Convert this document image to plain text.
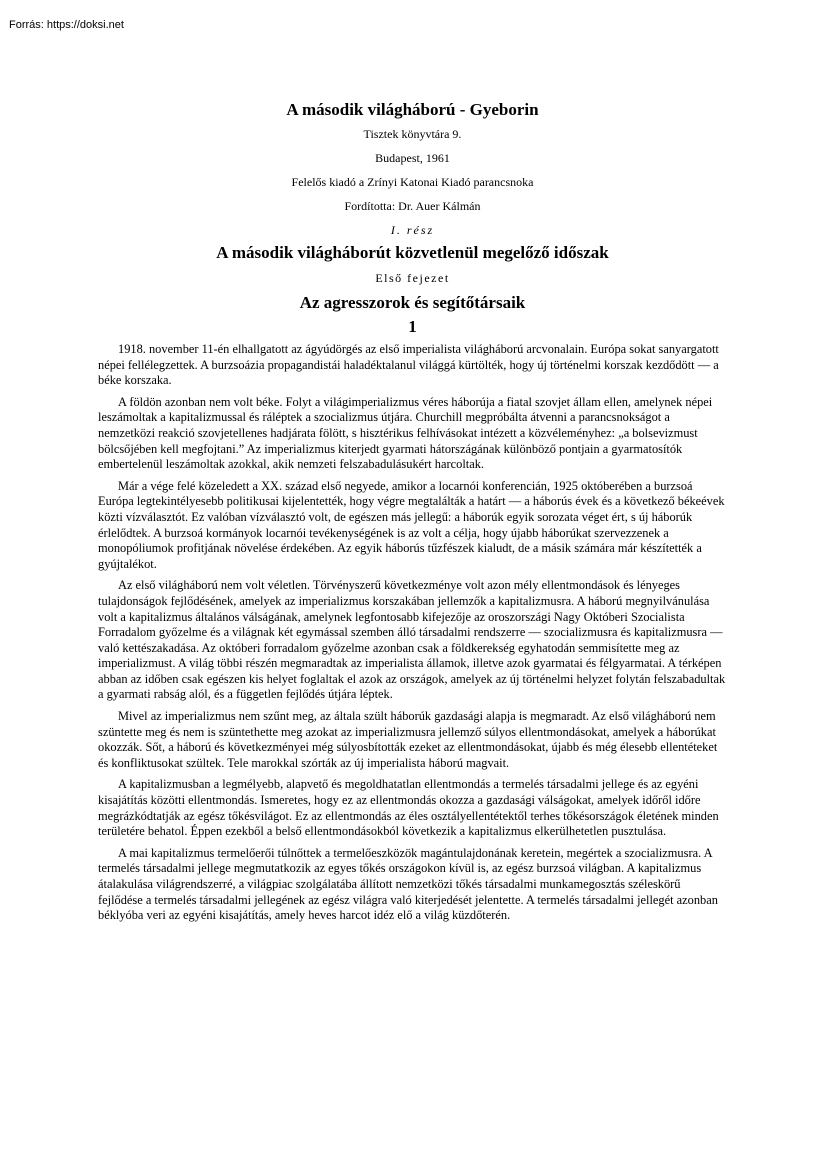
Forrás: https://doksi.net
A második világháború - Gyeborin
Tisztek könyvtára 9.
Budapest, 1961
Felelős kiadó a Zrínyi Katonai Kiadó parancsnoka
Fordította: Dr. Auer Kálmán
I. rész
A második világháborút közvetlenül megelőző időszak
Első fejezet
Az agresszorok és segítőtársaik
1

1918. november 11-én elhallgatott az ágyúdörgés az első imperialista világháború arcvonalain. Európa sokat sanyargatott népei fellélegzettek. A burzsoázia propagandistái haladéktalanul világgá kürtölték, hogy új történelmi korszak kezdődött — a béke korszaka.

A földön azonban nem volt béke. Folyt a világimperializmus véres háborúja a fiatal szovjet állam ellen, amelynek népei leszámoltak a kapitalizmussal és ráléptek a szocializmus útjára. Churchill megpróbálta átvenni a parancsnokságot a nemzetközi reakció szovjetellenes hadjárata fölött, s hisztérikus felhívásokat intézett a közvéleményhez: „a bolsevizmust bölcsőjében kell megfojtani.” Az imperializmus kiterjedt gyarmati hátországának különböző pontjain a gyarmatosítók embertelenül leszámoltak azokkal, akik nemzeti felszabadulásukért harcoltak.

Már a vége felé közeledett a XX. század első negyede, amikor a locarnói konferencián, 1925 októberében a burzsoá Európa legtekintélyesebb politikusai kijelentették, hogy végre megtalálták a határt — a háborús évek és a következő békeévek közti vízválasztót. Ez valóban vízválasztó volt, de egészen más jellegű: a háborúk egyik sorozata véget ért, s új háborúk érlelődtek. A burzsoá kormányok locarnói tevékenységének is az volt a célja, hogy újabb háborúkat szervezzenek a monopóliumok profitjának növelése érdekében. Az egyik háborús tűzfészek kialudt, de a másik számára már készítették a gyújtalékot.

Az első világháború nem volt véletlen. Törvényszerű következménye volt azon mély ellentmondások és lényeges tulajdonságok fejlődésének, amelyek az imperializmus korszakában jellemzők a kapitalizmusra. A háború megnyilvánulása volt a kapitalizmus általános válságának, amelynek legfontosabb kifejezője az oroszországi Nagy Októberi Szocialista Forradalom győzelme és a világnak két egymással szemben álló társadalmi rendszerre — szocializmusra és kapitalizmusra — való kettészakadása. Az októberi forradalom győzelme azonban csak a földkerekség egyhatodán semmisítette meg az imperializmust. A világ többi részén megmaradtak az imperialista államok, illetve azok gyarmatai és félgyarmatai. A térképen abban az időben csak egészen kis helyet foglaltak el azok az országok, amelyek az új történelmi helyzet folytán felszabadultak a gyarmati rabság alól, és a független fejlődés útjára léptek.

Mivel az imperializmus nem szűnt meg, az általa szült háborúk gazdasági alapja is megmaradt. Az első világháború nem szüntette meg és nem is szüntethette meg azokat az imperializmusra jellemző súlyos ellentmondásokat, amelyek a háborúkat okozzák. Sőt, a háború és következményei még súlyosbították ezeket az ellentmondásokat, újabb és még élesebb ellentéteket és konfliktusokat szültek. Tele marokkal szórták az új imperialista háború magvait.

A kapitalizmusban a legmélyebb, alapvető és megoldhatatlan ellentmondás a termelés társadalmi jellege és az egyéni kisajátítás közötti ellentmondás. Ismeretes, hogy ez az ellentmondás okozza a gazdasági válságokat, amelyek időről időre megrázkódtatják az egész tőkésvilágot. Ez az ellentmondás az éles osztályellentétektől terhes tőkésországok életének minden területére behatol. Éppen ezekből a belső ellentmondásokból következik a kapitalizmus elkerülhetetlen pusztulása.

A mai kapitalizmus termelőerői túlnőttek a termelőeszközök magántulajdonának keretein, megértek a szocializmusra. A termelés társadalmi jellege megmutatkozik az egyes tőkés országokon kívül is, az egész burzsoá világban. A kapitalizmus átalakulása világrendszerré, a világpiac szolgálatába állított nemzetközi tőkés társadalmi munkamegosztás széleskörű fejlődése a termelés társadalmi jellegének az egész világra való kiterjedését jelentette. A termelés társadalmi jellegét azonban béklyóba veri az egyéni kisajátítás, amely heves harcot idéz elő a világ küzdőterén.
